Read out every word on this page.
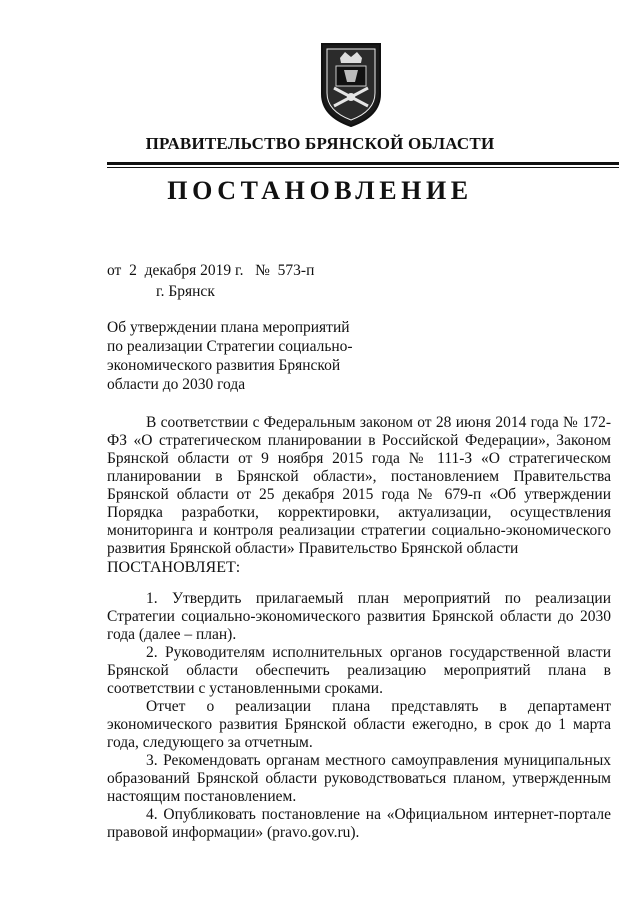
ПРАВИТЕЛЬСТВО БРЯНСКОЙ ОБЛАСТИ
ПОСТАНОВЛЕНИЕ
от  2  декабря 2019 г.   №  573-п
г. Брянск
Об утверждении плана мероприятий
по реализации Стратегии социально-
экономического развития Брянской
области до 2030 года

В соответствии с Федеральным законом от 28 июня 2014 года № 172-ФЗ «О стратегическом планировании в Российской Федерации», Законом Брянской области от 9 ноября 2015 года № 111-З «О стратегическом планировании в Брянской области», постановлением Правительства Брянской области от 25 декабря 2015 года № 679-п «Об утверждении Порядка разработки, корректировки, актуализации, осуществления мониторинга и контроля реализации стратегии социально-экономического развития Брянской области» Правительство Брянской области

ПОСТАНОВЛЯЕТ:

1. Утвердить прилагаемый план мероприятий по реализации Стратегии социально-экономического развития Брянской области до 2030 года (далее – план).

2. Руководителям исполнительных органов государственной власти Брянской области обеспечить реализацию мероприятий плана в соответствии с установленными сроками.

Отчет о реализации плана представлять в департамент экономического развития Брянской области ежегодно, в срок до 1 марта года, следующего за отчетным.

3. Рекомендовать органам местного самоуправления муниципальных образований Брянской области руководствоваться планом, утвержденным настоящим постановлением.

4. Опубликовать постановление на «Официальном интернет-портале правовой информации» (pravo.gov.ru).
